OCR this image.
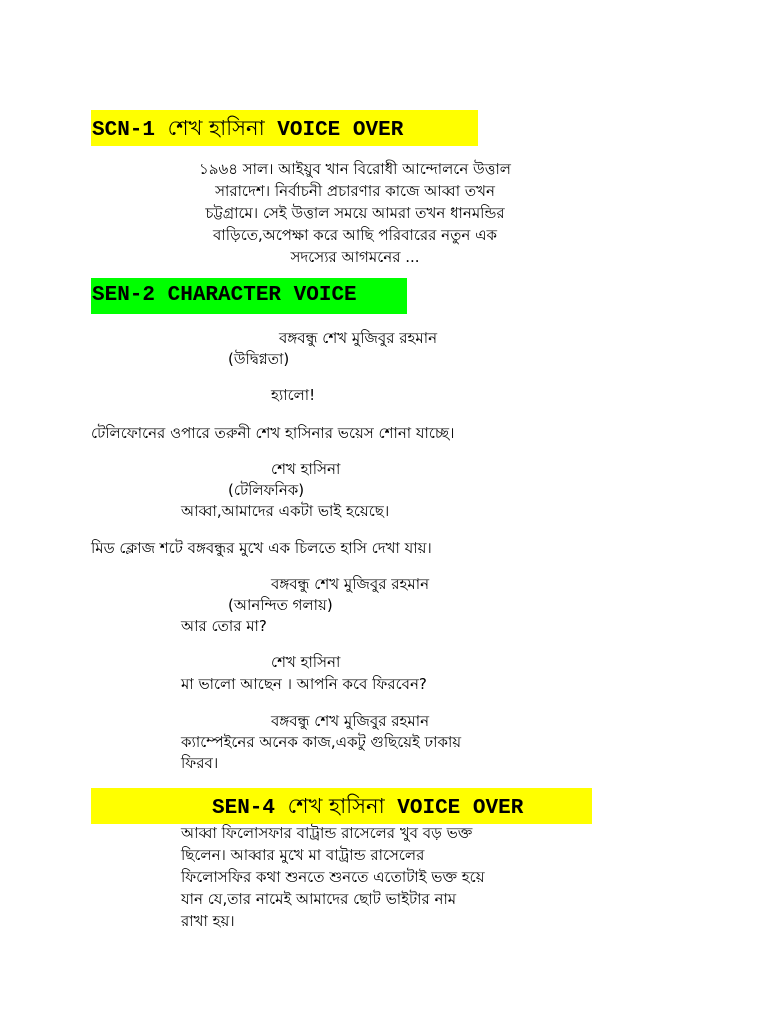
SCN-1 শেখ হাসিনা VOICE OVER
১৯৬৪ সাল। আইয়ুব খান বিরোধী আন্দোলনে উত্তাল
সারাদেশ। নির্বাচনী প্রচারণার কাজে আব্বা তখন
চট্টগ্রামে। সেই উত্তাল সময়ে আমরা তখন ধানমন্ডির
বাড়িতে,অপেক্ষা করে আছি পরিবারের নতুন এক
সদস্যের আগমনের ...
SEN-2 CHARACTER VOICE
বঙ্গবন্ধু শেখ মুজিবুর রহমান
(উদ্বিগ্নতা)
হ্যালো!
টেলিফোনের ওপারে তরুনী শেখ হাসিনার ভয়েস শোনা যাচ্ছে।
শেখ হাসিনা
(টেলিফনিক)
আব্বা,আমাদের একটা ভাই হয়েছে।
মিড ক্লোজ শটে বঙ্গবন্ধুর মুখে এক চিলতে হাসি দেখা যায়।
বঙ্গবন্ধু শেখ মুজিবুর রহমান
(আনন্দিত গলায়)
আর তোর মা?
শেখ হাসিনা
মা ভালো আছেন । আপনি কবে ফিরবেন?
বঙ্গবন্ধু শেখ মুজিবুর রহমান
ক্যাম্পেইনের অনেক কাজ,একটু গুছিয়েই ঢাকায়
ফিরব।
SEN-4 শেখ হাসিনা VOICE OVER
আব্বা ফিলোসফার বাট্রান্ড রাসেলের খুব বড় ভক্ত
ছিলেন। আব্বার মুখে মা বাট্রান্ড রাসেলের
ফিলোসফির কথা শুনতে শুনতে এতোটাই ভক্ত হয়ে
যান যে,তার নামেই আমাদের ছোট ভাইটার নাম
রাখা হয়।
